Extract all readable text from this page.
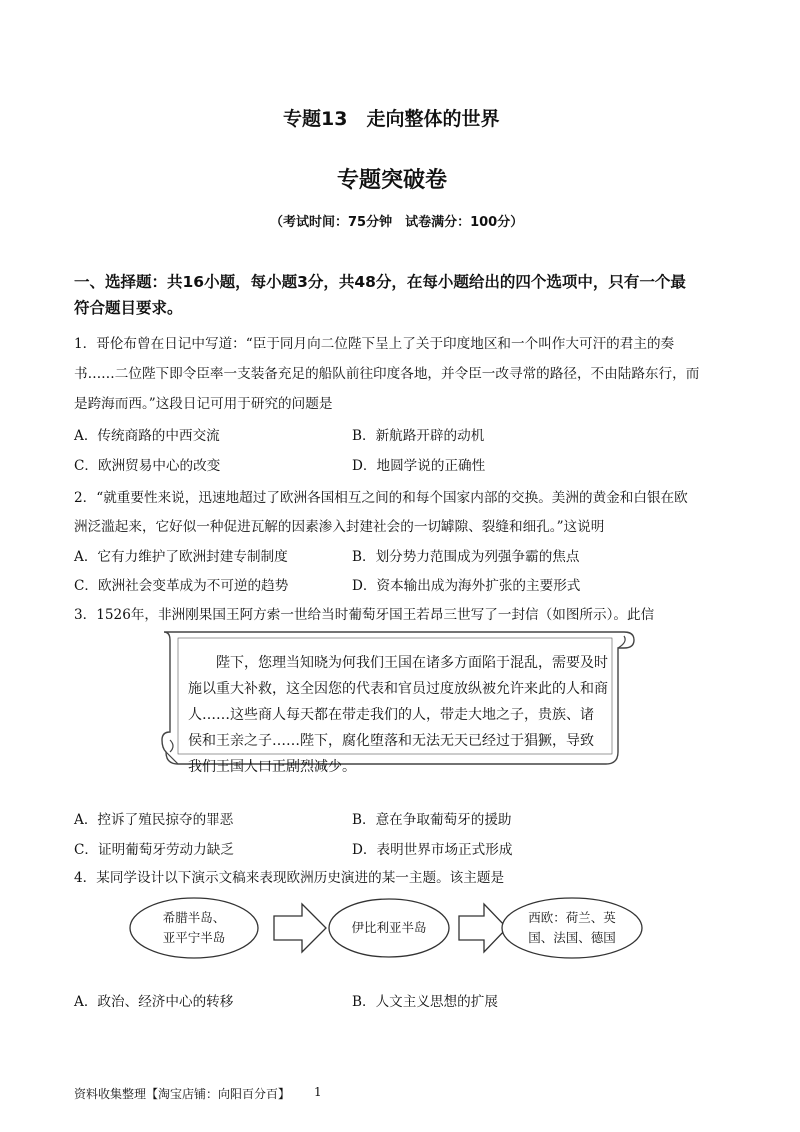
专题13　走向整体的世界
专题突破卷
（考试时间：75分钟　试卷满分：100分）
一、选择题：共16小题，每小题3分，共48分，在每小题给出的四个选项中，只有一个最
符合题目要求。
1．哥伦布曾在日记中写道：“臣于同月向二位陛下呈上了关于印度地区和一个叫作大可汗的君主的奏
书……二位陛下即令臣率一支装备充足的船队前往印度各地，并令臣一改寻常的路径，不由陆路东行，而
是跨海而西。”这段日记可用于研究的问题是
A．传统商路的中西交流	B．新航路开辟的动机
C．欧洲贸易中心的改变	D．地圆学说的正确性
2．“就重要性来说，迅速地超过了欧洲各国相互之间的和每个国家内部的交换。美洲的黄金和白银在欧
洲泛滥起来，它好似一种促进瓦解的因素渗入封建社会的一切罅隙、裂缝和细孔。”这说明
A．它有力维护了欧洲封建专制制度	B．划分势力范围成为列强争霸的焦点
C．欧洲社会变革成为不可逆的趋势	D．资本输出成为海外扩张的主要形式
3．1526年，非洲刚果国王阿方索一世给当时葡萄牙国王若昂三世写了一封信（如图所示）。此信
陛下，您理当知晓为何我们王国在诸多方面陷于混乱，需要及时
施以重大补救，这全因您的代表和官员过度放纵被允许来此的人和商
人……这些商人每天都在带走我们的人，带走大地之子，贵族、诸
侯和王亲之子……陛下，腐化堕落和无法无天已经过于猖獗，导致
我们王国人口正剧烈减少。
A．控诉了殖民掠夺的罪恶	B．意在争取葡萄牙的援助
C．证明葡萄牙劳动力缺乏	D．表明世界市场正式形成
4．某同学设计以下演示文稿来表现欧洲历史演进的某一主题。该主题是
希腊半岛、
亚平宁半岛
伊比利亚半岛
西欧：荷兰、英
国、法国、德国
A．政治、经济中心的转移	B．人文主义思想的扩展
资料收集整理【淘宝店铺：向阳百分百】 1
